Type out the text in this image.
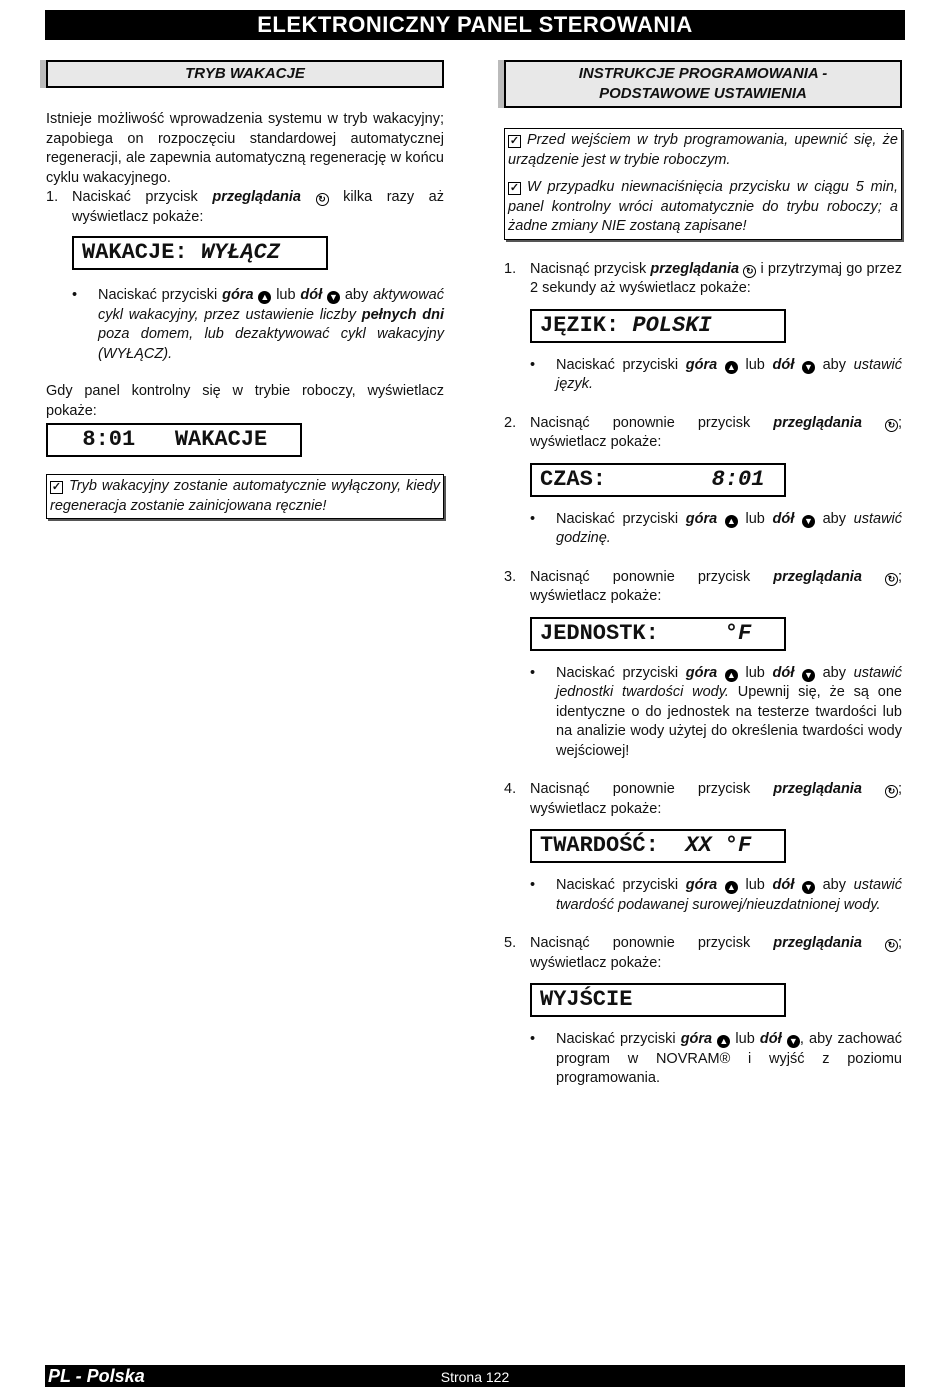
ELEKTRONICZNY PANEL STEROWANIA
TRYB WAKACJE

Istnieje możliwość wprowadzenia systemu w tryb wakacyjny; zapobiega on rozpoczęciu standardowej automatycznej regeneracji, ale zapewnia automatyczną regenerację w końcu cyklu wakacyjnego.

1. Naciskać przycisk przeglądania ↻ kilka razy aż wyświetlacz pokaże:
WAKACJE: WYŁĄCZ
•	Naciskać przyciski góra ▲ lub dół ▼ aby aktywować cykl wakacyjny, przez ustawienie liczby pełnych dni poza domem, lub dezaktywować cykl wakacyjny (WYŁĄCZ).

Gdy panel kontrolny się w trybie roboczy, wyświetlacz pokaże:

8:01   WAKACJE
✓ Tryb wakacyjny zostanie automatycznie wyłączony, kiedy regeneracja zostanie zainicjowana ręcznie!
INSTRUKCJE PROGRAMOWANIA -
PODSTAWOWE USTAWIENIA
✓ Przed wejściem w tryb programowania, upewnić się, że urządzenie jest w trybie roboczym.
✓ W przypadku niewnaciśnięcia przycisku w ciągu 5 min, panel kontrolny wróci automatycznie do trybu roboczy; a żadne zmiany NIE zostaną zapisane!
1. Nacisnąć przycisk przeglądania ↻ i przytrzymaj go przez 2 sekundy aż wyświetlacz pokaże:
JĘZIK: POLSKI
•	Naciskać przyciski góra ▲ lub dół ▼ aby ustawić język.
2. Nacisnąć ponownie przycisk przeglądania	↻ ; wyświetlacz pokaże:
CZAS:        8:01
•	Naciskać przyciski góra ▲ lub dół ▼ aby ustawić godzinę.
3. Nacisnąć ponownie przycisk przeglądania	↻ ; wyświetlacz pokaże:
JEDNOSTK:     °F
•	Naciskać przyciski góra ▲ lub dół ▼ aby ustawić jednostki twardości wody. Upewnij się, że są one identyczne o do jednostek na testerze twardości lub na analizie wody użytej do określenia twardości wody wejściowej!
4. Nacisnąć ponownie przycisk przeglądania	↻ ; wyświetlacz pokaże:
TWARDOŚĆ:  XX °F
•	Naciskać przyciski góra ▲ lub dół ▼ aby ustawić twardość podawanej surowej/nieuzdatnionej wody.
5. Nacisnąć ponownie przycisk przeglądania	↻ ; wyświetlacz pokaże:
WYJŚCIE
•	Naciskać przyciski góra ▲ lub dół ▼ , aby zachować program w NOVRAM® i wyjść z poziomu programowania.
PL - Polska	Strona 122
